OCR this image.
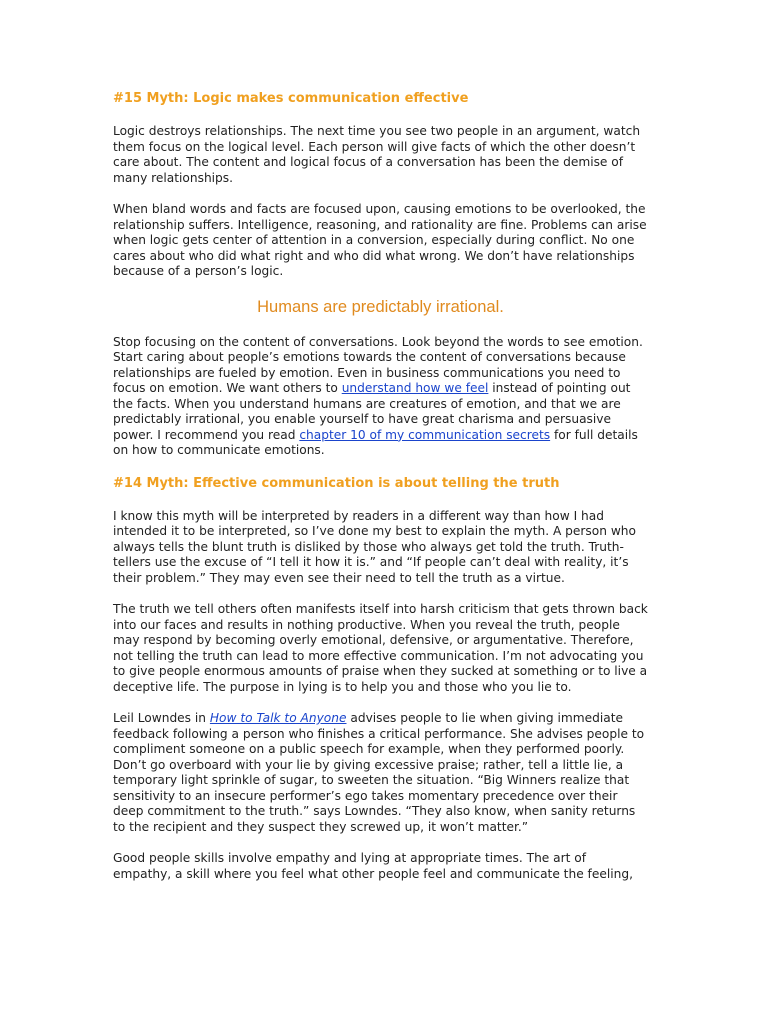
#15 Myth: Logic makes communication effective

Logic destroys relationships. The next time you see two people in an argument, watch them focus on the logical level. Each person will give facts of which the other doesn’t care about. The content and logical focus of a conversation has been the demise of many relationships.

When bland words and facts are focused upon, causing emotions to be overlooked, the relationship suffers. Intelligence, reasoning, and rationality are fine. Problems can arise when logic gets center of attention in a conversion, especially during conflict. No one cares about who did what right and who did what wrong. We don’t have relationships because of a person’s logic.

Humans are predictably irrational.

Stop focusing on the content of conversations. Look beyond the words to see emotion. Start caring about people’s emotions towards the content of conversations because relationships are fueled by emotion. Even in business communications you need to focus on emotion. We want others to understand how we feel instead of pointing out the facts. When you understand humans are creatures of emotion, and that we are predictably irrational, you enable yourself to have great charisma and persuasive power. I recommend you read chapter 10 of my communication secrets for full details on how to communicate emotions.

#14 Myth: Effective communication is about telling the truth

I know this myth will be interpreted by readers in a different way than how I had intended it to be interpreted, so I’ve done my best to explain the myth. A person who always tells the blunt truth is disliked by those who always get told the truth. Truth-tellers use the excuse of “I tell it how it is.” and “If people can’t deal with reality, it’s their problem.” They may even see their need to tell the truth as a virtue.

The truth we tell others often manifests itself into harsh criticism that gets thrown back into our faces and results in nothing productive. When you reveal the truth, people may respond by becoming overly emotional, defensive, or argumentative. Therefore, not telling the truth can lead to more effective communication. I’m not advocating you to give people enormous amounts of praise when they sucked at something or to live a deceptive life. The purpose in lying is to help you and those who you lie to.

Leil Lowndes in How to Talk to Anyone advises people to lie when giving immediate feedback following a person who finishes a critical performance. She advises people to compliment someone on a public speech for example, when they performed poorly. Don’t go overboard with your lie by giving excessive praise; rather, tell a little lie, a temporary light sprinkle of sugar, to sweeten the situation. “Big Winners realize that sensitivity to an insecure performer’s ego takes momentary precedence over their deep commitment to the truth.” says Lowndes. “They also know, when sanity returns to the recipient and they suspect they screwed up, it won’t matter.”

Good people skills involve empathy and lying at appropriate times. The art of empathy, a skill where you feel what other people feel and communicate the feeling,
